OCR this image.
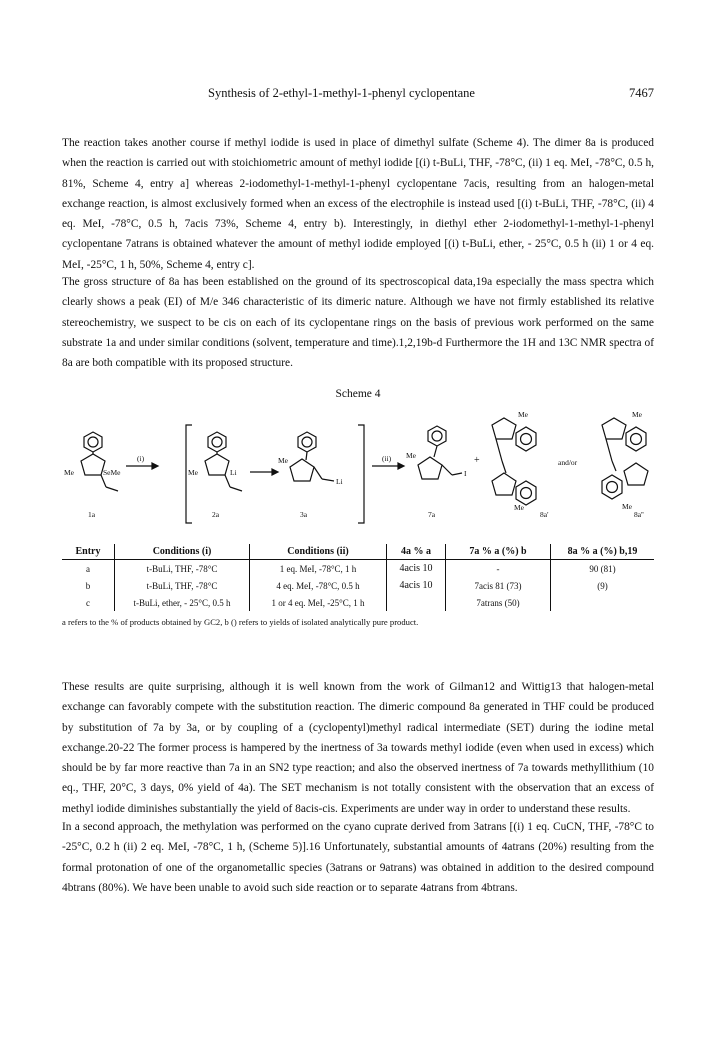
Synthesis of 2-ethyl-1-methyl-1-phenyl cyclopentane	7467

The reaction takes another course if methyl iodide is used in place of dimethyl sulfate (Scheme 4). The dimer 8a is produced when the reaction is carried out with stoichiometric amount of methyl iodide [(i) t-BuLi, THF, -78°C, (ii) 1 eq. MeI, -78°C, 0.5 h, 81%, Scheme 4, entry a] whereas 2-iodomethyl-1-methyl-1-phenyl cyclopentane 7acis, resulting from an halogen-metal exchange reaction, is almost exclusively formed when an excess of the electrophile is instead used [(i) t-BuLi, THF, -78°C, (ii) 4 eq. MeI, -78°C, 0.5 h, 7acis 73%, Scheme 4, entry b). Interestingly, in diethyl ether 2-iodomethyl-1-methyl-1-phenyl cyclopentane 7atrans is obtained whatever the amount of methyl iodide employed [(i) t-BuLi, ether, - 25°C, 0.5 h (ii) 1 or 4 eq. MeI, -25°C, 1 h, 50%, Scheme 4, entry c].

The gross structure of 8a has been established on the ground of its spectroscopical data,19a especially the mass spectra which clearly shows a peak (EI) of M/e 346 characteristic of its dimeric nature. Although we have not firmly established its relative stereochemistry, we suspect to be cis on each of its cyclopentane rings on the basis of previous work performed on the same substrate 1a and under similar conditions (solvent, temperature and time).1,2,19b-d Furthermore the 1H and 13C NMR spectra of 8a are both compatible with its proposed structure.

Scheme 4
Me	SeMe	Me	Li
Me
Li
Me
I
Me	Me
Me	Me
(i)	(ii)	+	and/or
1a	2a	3a	7a	8a'	8a''
Entry	Conditions (i)	Conditions (ii)	4a % a	7a % a (%) b	8a % a (%) b,19
a	t-BuLi, THF, -78°C	1 eq. MeI, -78°C, 1 h	4acis 10	-	90 (81)
b	t-BuLi, THF, -78°C	4 eq. MeI, -78°C, 0.5 h	4acis 10	7acis 81 (73)	(9)
c	t-BuLi, ether, - 25°C, 0.5 h	1 or 4 eq. MeI, -25°C, 1 h		7atrans (50)	
a refers to the % of products obtained by GC2, b () refers to yields of isolated analytically pure product.

These results are quite surprising, although it is well known from the work of Gilman12 and Wittig13 that halogen-metal exchange can favorably compete with the substitution reaction. The dimeric compound 8a generated in THF could be produced by substitution of 7a by 3a, or by coupling of a (cyclopentyl)methyl radical intermediate (SET) during the iodine metal exchange.20-22 The former process is hampered by the inertness of 3a towards methyl iodide (even when used in excess) which should be by far more reactive than 7a in an SN2 type reaction; and also the observed inertness of 7a towards methyllithium (10 eq., THF, 20°C, 3 days, 0% yield of 4a). The SET mechanism is not totally consistent with the observation that an excess of methyl iodide diminishes substantially the yield of 8acis-cis. Experiments are under way in order to understand these results.

In a second approach, the methylation was performed on the cyano cuprate derived from 3atrans [(i) 1 eq. CuCN, THF, -78°C to -25°C, 0.2 h (ii) 2 eq. MeI, -78°C, 1 h, (Scheme 5)].16 Unfortunately, substantial amounts of 4atrans (20%) resulting from the formal protonation of one of the organometallic species (3atrans or 9atrans) was obtained in addition to the desired compound 4btrans (80%). We have been unable to avoid such side reaction or to separate 4atrans from 4btrans.
